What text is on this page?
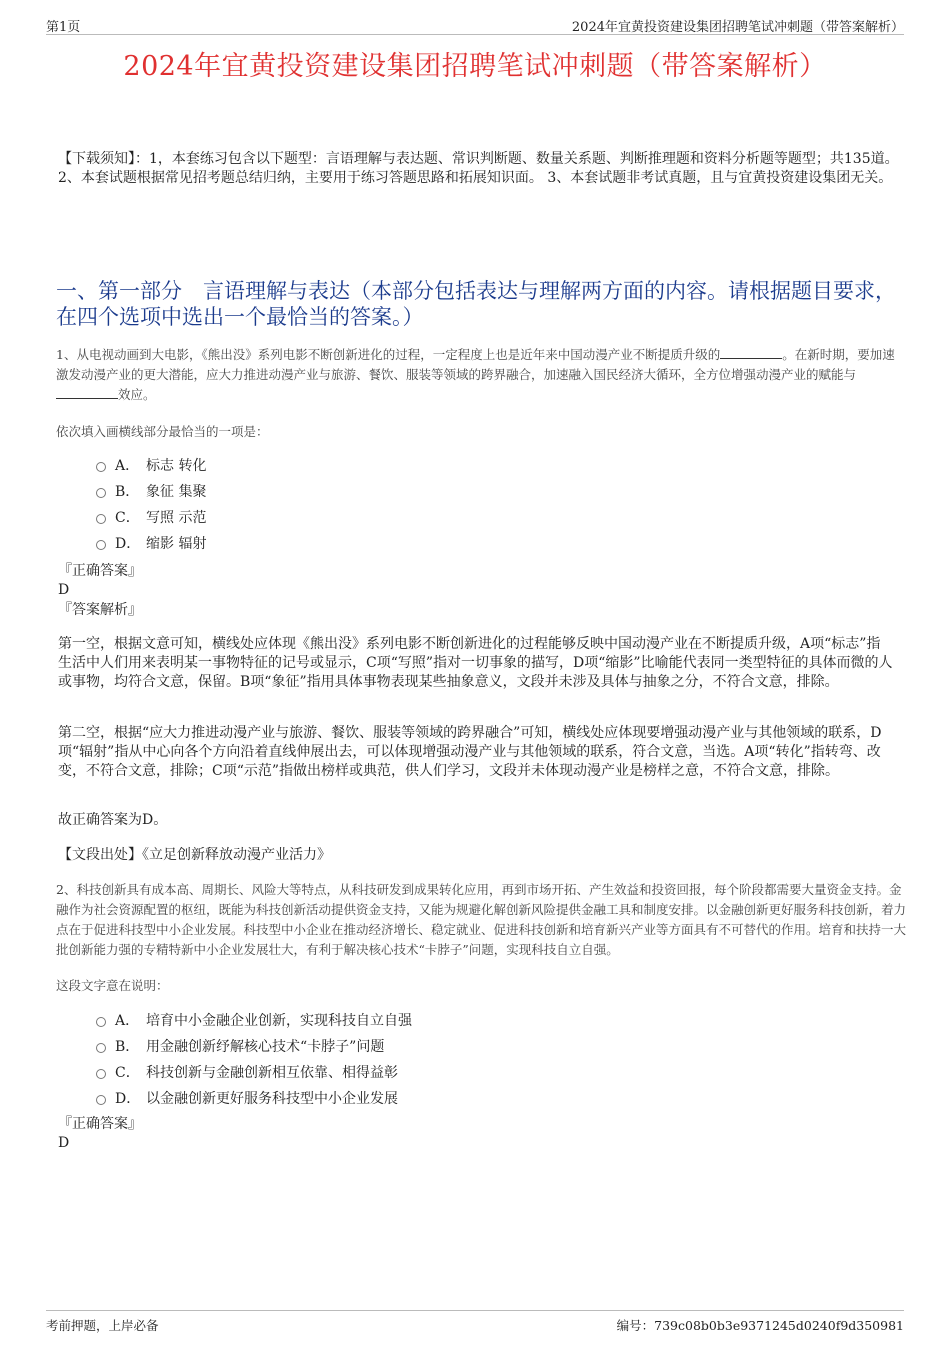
第1页	2024年宜黄投资建设集团招聘笔试冲刺题（带答案解析）
2024年宜黄投资建设集团招聘笔试冲刺题（带答案解析）
【下载须知】：1，本套练习包含以下题型：言语理解与表达题、常识判断题、数量关系题、判断推理题和资料分析题等题型；共135道。 2、本套试题根据常见招考题总结归纳，主要用于练习答题思路和拓展知识面。 3、本套试题非考试真题，且与宜黄投资建设集团无关。
一、第一部分　言语理解与表达（本部分包括表达与理解两方面的内容。请根据题目要求，在四个选项中选出一个最恰当的答案。）
1、从电视动画到大电影，《熊出没》系列电影不断创新进化的过程，一定程度上也是近年来中国动漫产业不断提质升级的	。在新时期，要加速激发动漫产业的更大潜能，应大力推进动漫产业与旅游、餐饮、服装等领域的跨界融合，加速融入国民经济大循环，全方位增强动漫产业的赋能与效应。
依次填入画横线部分最恰当的一项是：
A． 标志 转化
B． 象征 集聚
C． 写照 示范
D． 缩影 辐射
『正确答案』
D
『答案解析』
第一空，根据文意可知，横线处应体现《熊出没》系列电影不断创新进化的过程能够反映中国动漫产业在不断提质升级，A项“标志”指生活中人们用来表明某一事物特征的记号或显示，C项“写照”指对一切事象的描写，D项“缩影”比喻能代表同一类型特征的具体而微的人或事物，均符合文意，保留。B项“象征”指用具体事物表现某些抽象意义，文段并未涉及具体与抽象之分，不符合文意，排除。
第二空，根据“应大力推进动漫产业与旅游、餐饮、服装等领域的跨界融合”可知，横线处应体现要增强动漫产业与其他领域的联系，D项“辐射”指从中心向各个方向沿着直线伸展出去，可以体现增强动漫产业与其他领域的联系，符合文意，当选。A项“转化”指转弯、改变，不符合文意，排除；C项“示范”指做出榜样或典范，供人们学习，文段并未体现动漫产业是榜样之意，不符合文意，排除。
故正确答案为D。
【文段出处】《立足创新释放动漫产业活力》
2、科技创新具有成本高、周期长、风险大等特点，从科技研发到成果转化应用，再到市场开拓、产生效益和投资回报，每个阶段都需要大量资金支持。金融作为社会资源配置的枢纽，既能为科技创新活动提供资金支持，又能为规避化解创新风险提供金融工具和制度安排。以金融创新更好服务科技创新，着力点在于促进科技型中小企业发展。科技型中小企业在推动经济增长、稳定就业、促进科技创新和培育新兴产业等方面具有不可替代的作用。培育和扶持一大批创新能力强的专精特新中小企业发展壮大，有利于解决核心技术“卡脖子”问题，实现科技自立自强。
这段文字意在说明：
A． 培育中小金融企业创新，实现科技自立自强
B． 用金融创新纾解核心技术“卡脖子”问题
C． 科技创新与金融创新相互依靠、相得益彰
D． 以金融创新更好服务科技型中小企业发展
『正确答案』
D
考前押题，上岸必备	编号：739c08b0b3e9371245d0240f9d350981
